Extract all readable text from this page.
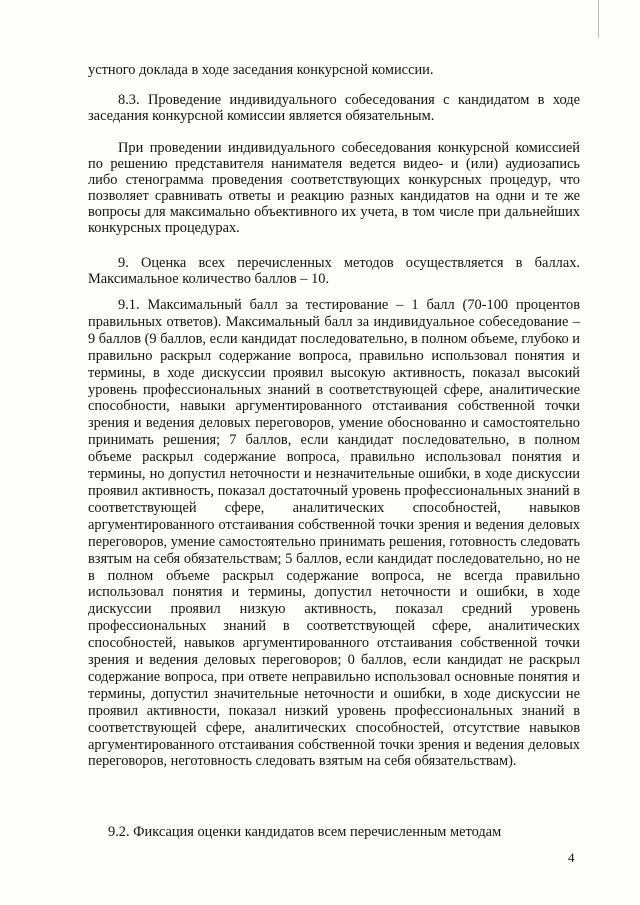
устного доклада в ходе заседания конкурсной комиссии.

8.3. Проведение индивидуального собеседования с кандидатом в ходе заседания конкурсной комиссии является обязательным.

При проведении индивидуального собеседования конкурсной комиссией по решению представителя нанимателя ведется видео- и (или) аудиозапись либо стенограмма проведения соответствующих конкурсных процедур, что позволяет сравнивать ответы и реакцию разных кандидатов на одни и те же вопросы для максимально объективного их учета, в том числе при дальнейших конкурсных процедурах.

9. Оценка всех перечисленных методов осуществляется в баллах. Максимальное количество баллов – 10.

9.1. Максимальный балл за тестирование – 1 балл (70-100 процентов правильных ответов). Максимальный балл за индивидуальное собеседование – 9 баллов (9 баллов, если кандидат последовательно, в полном объеме, глубоко и правильно раскрыл содержание вопроса, правильно использовал понятия и термины, в ходе дискуссии проявил высокую активность, показал высокий уровень профессиональных знаний в соответствующей сфере, аналитические способности, навыки аргументированного отстаивания собственной точки зрения и ведения деловых переговоров, умение обоснованно и самостоятельно принимать решения; 7 баллов, если кандидат последовательно, в полном объеме раскрыл содержание вопроса, правильно использовал понятия и термины, но допустил неточности и незначительные ошибки, в ходе дискуссии проявил активность, показал достаточный уровень профессиональных знаний в соответствующей сфере, аналитических способностей, навыков аргументированного отстаивания собственной точки зрения и ведения деловых переговоров, умение самостоятельно принимать решения, готовность следовать взятым на себя обязательствам; 5 баллов, если кандидат последовательно, но не в полном объеме раскрыл содержание вопроса, не всегда правильно использовал понятия и термины, допустил неточности и ошибки, в ходе дискуссии проявил низкую активность, показал средний уровень профессиональных знаний в соответствующей сфере, аналитических способностей, навыков аргументированного отстаивания собственной точки зрения и ведения деловых переговоров; 0 баллов, если кандидат не раскрыл содержание вопроса, при ответе неправильно использовал основные понятия и термины, допустил значительные неточности и ошибки, в ходе дискуссии не проявил активности, показал низкий уровень профессиональных знаний в соответствующей сфере, аналитических способностей, отсутствие навыков аргументированного отстаивания собственной точки зрения и ведения деловых переговоров, неготовность следовать взятым на себя обязательствам).

9.2. Фиксация оценки кандидатов всем перечисленным методам

4
